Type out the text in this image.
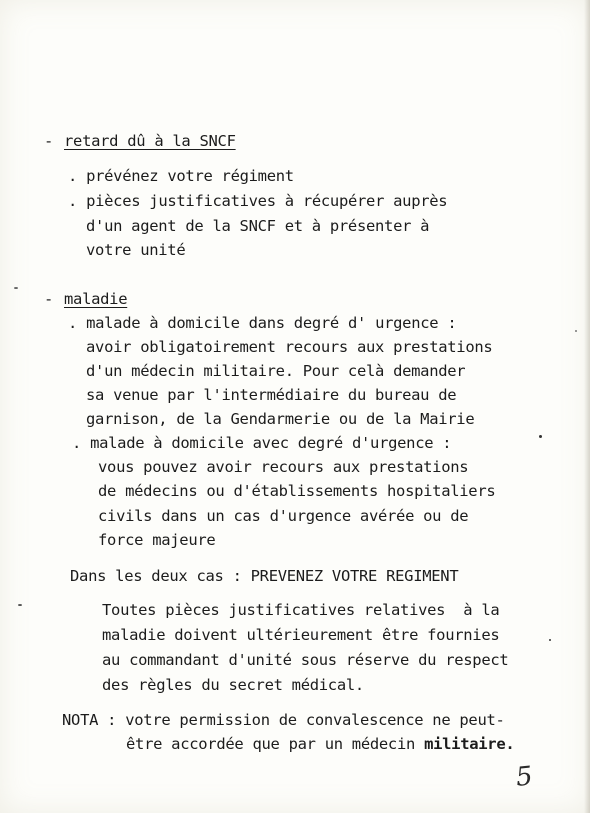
- retard dû à la SNCF
. prévénez votre régiment
. pièces justificatives à récupérer auprès
d'un agent de la SNCF et à présenter à
votre unité
- maladie
. malade à domicile dans degré d' urgence :
avoir obligatoirement recours aux prestations
d'un médecin militaire. Pour celà demander
sa venue par l'intermédiaire du bureau de
garnison, de la Gendarmerie ou de la Mairie
. malade à domicile avec degré d'urgence :
vous pouvez avoir recours aux prestations
de médecins ou d'établissements hospitaliers
civils dans un cas d'urgence avérée ou de
force majeure
Dans les deux cas : PREVENEZ VOTRE REGIMENT
Toutes pièces justificatives relatives  à la
maladie doivent ultérieurement être fournies
au commandant d'unité sous réserve du respect
des règles du secret médical.
NOTA : votre permission de convalescence ne peut-
être accordée que par un médecin militaire.
5
